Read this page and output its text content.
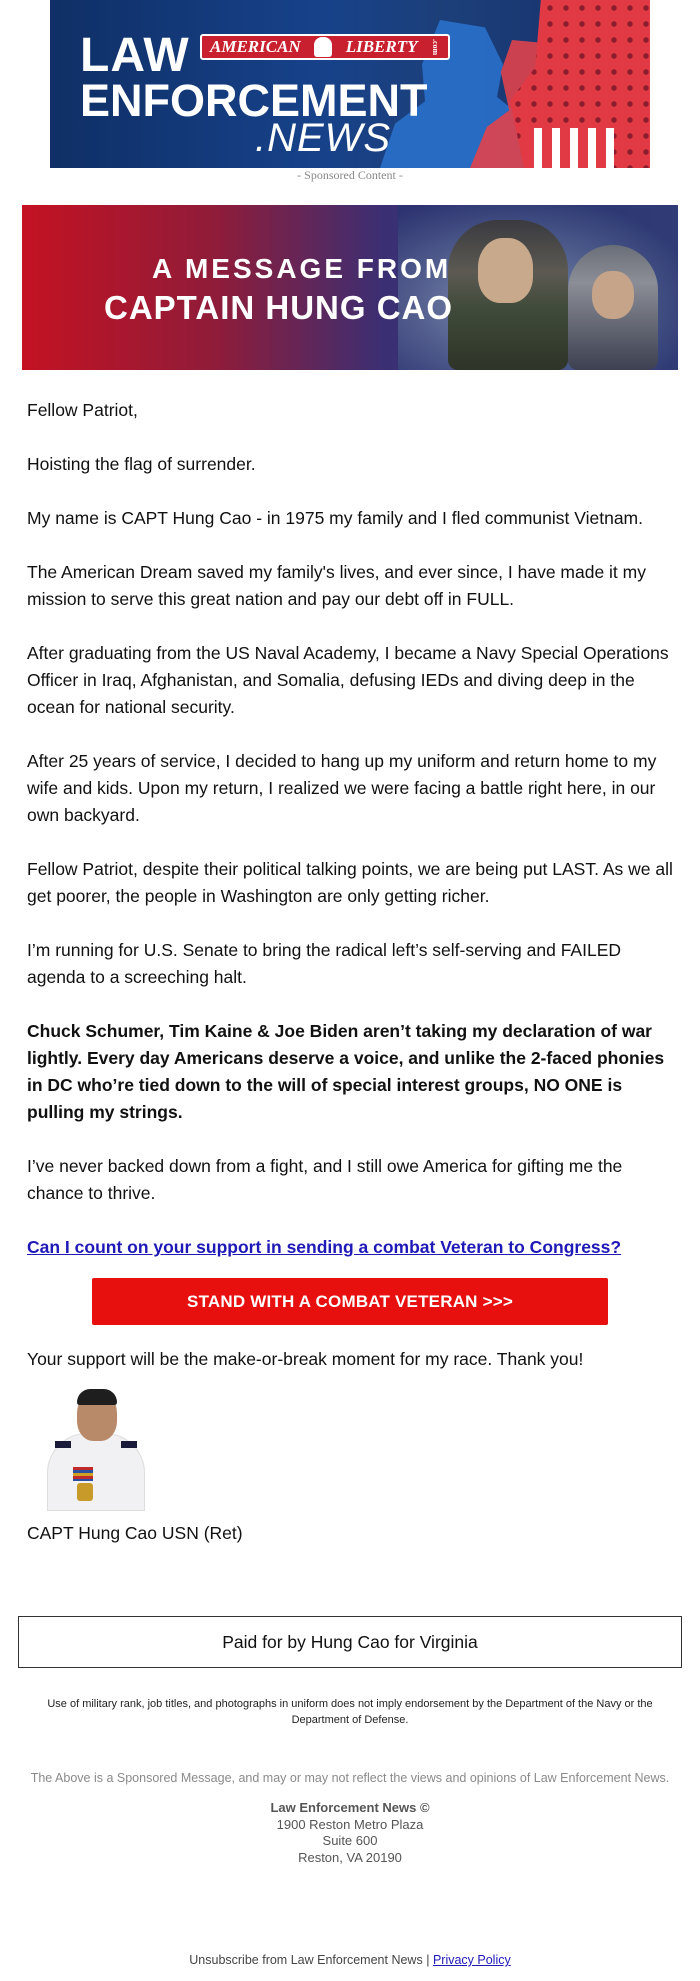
LAW AMERICAN	LIBERTY .com
ENFORCEMENT
.NEWS
- Sponsored Content -
A MESSAGE FROM
CAPTAIN HUNG CAO

Fellow Patriot,

Hoisting the flag of surrender.

My name is CAPT Hung Cao - in 1975 my family and I fled communist Vietnam.

The American Dream saved my family's lives, and ever since, I have made it my mission to serve this great nation and pay our debt off in FULL.

After graduating from the US Naval Academy, I became a Navy Special Operations Officer in Iraq, Afghanistan, and Somalia, defusing IEDs and diving deep in the ocean for national security.

After 25 years of service, I decided to hang up my uniform and return home to my wife and kids. Upon my return, I realized we were facing a battle right here, in our own backyard.

Fellow Patriot, despite their political talking points, we are being put LAST. As we all get poorer, the people in Washington are only getting richer.

I’m running for U.S. Senate to bring the radical left’s self-serving and FAILED agenda to a screeching halt.

Chuck Schumer, Tim Kaine & Joe Biden aren’t taking my declaration of war lightly. Every day Americans deserve a voice, and unlike the 2-faced phonies in DC who’re tied down to the will of special interest groups, NO ONE is pulling my strings.

I’ve never backed down from a fight, and I still owe America for gifting me the chance to thrive.

Can I count on your support in sending a combat Veteran to Congress?

STAND WITH A COMBAT VETERAN >>>
Your support will be the make-or-break moment for my race. Thank you!
CAPT Hung Cao USN (Ret)
Paid for by Hung Cao for Virginia
Use of military rank, job titles, and photographs in uniform does not imply endorsement by the Department of the Navy or the Department of Defense.
The Above is a Sponsored Message, and may or may not reflect the views and opinions of Law Enforcement News.
Law Enforcement News ©
1900 Reston Metro Plaza
Suite 600
Reston, VA 20190
Unsubscribe from Law Enforcement News | Privacy Policy
